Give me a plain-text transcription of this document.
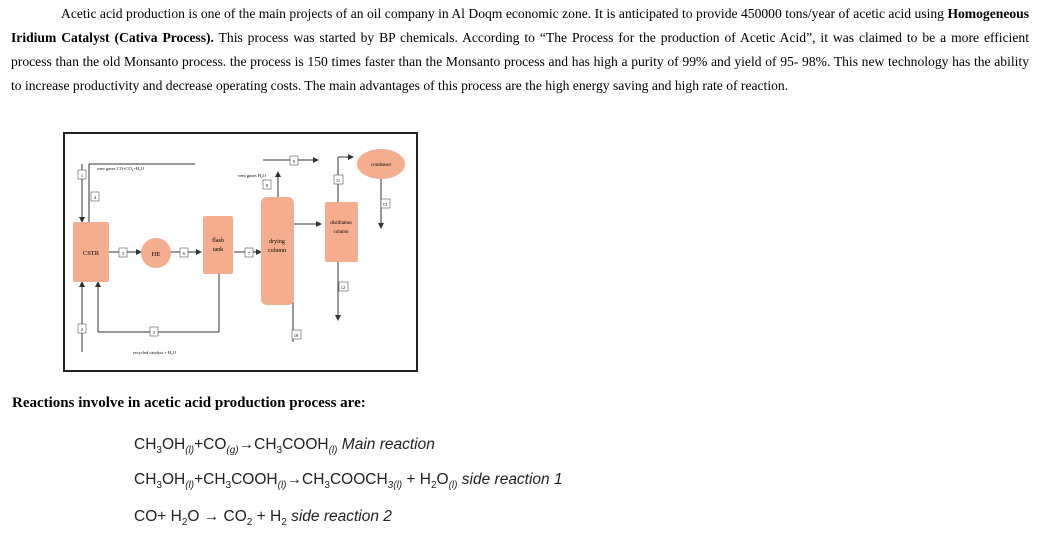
Acetic acid production is one of the main projects of an oil company in Al Doqm economic zone. It is anticipated to provide 450000 tons/year of acetic acid using Homogeneous Iridium Catalyst (Cativa Process). This process was started by BP chemicals. According to “The Process for the production of Acetic Acid”, it was claimed to be a more efficient process than the old Monsanto process. the process is 150 times faster than the Monsanto process and has high a purity of 99% and yield of 95- 98%. This new technology has the ability to increase productivity and decrease operating costs. The main advantages of this process are the high energy saving and high rate of reaction.

CSTR	HE
flash
tank
drying
column
distillation
column
condenser
vent gases CO+CO₂+H₂O
vent gases H₂O
recycled catalyst + H₂O
1
2
3
4
5	6	7
8
9
10
11
12
13

Reactions involve in acetic acid production process are:

$CH_3OH_{(l)}+CO_{(g)}\to CH_3COOH_{(l)}$ Main reaction
$CH_3OH_{(l)}+CH_3COOH_{(l)}\to CH_3COOCH_{3(l)} + H_2O_{(l)}$ side reaction 1
$CO+ H_2O \to CO_2 + H_2$ side reaction 2
